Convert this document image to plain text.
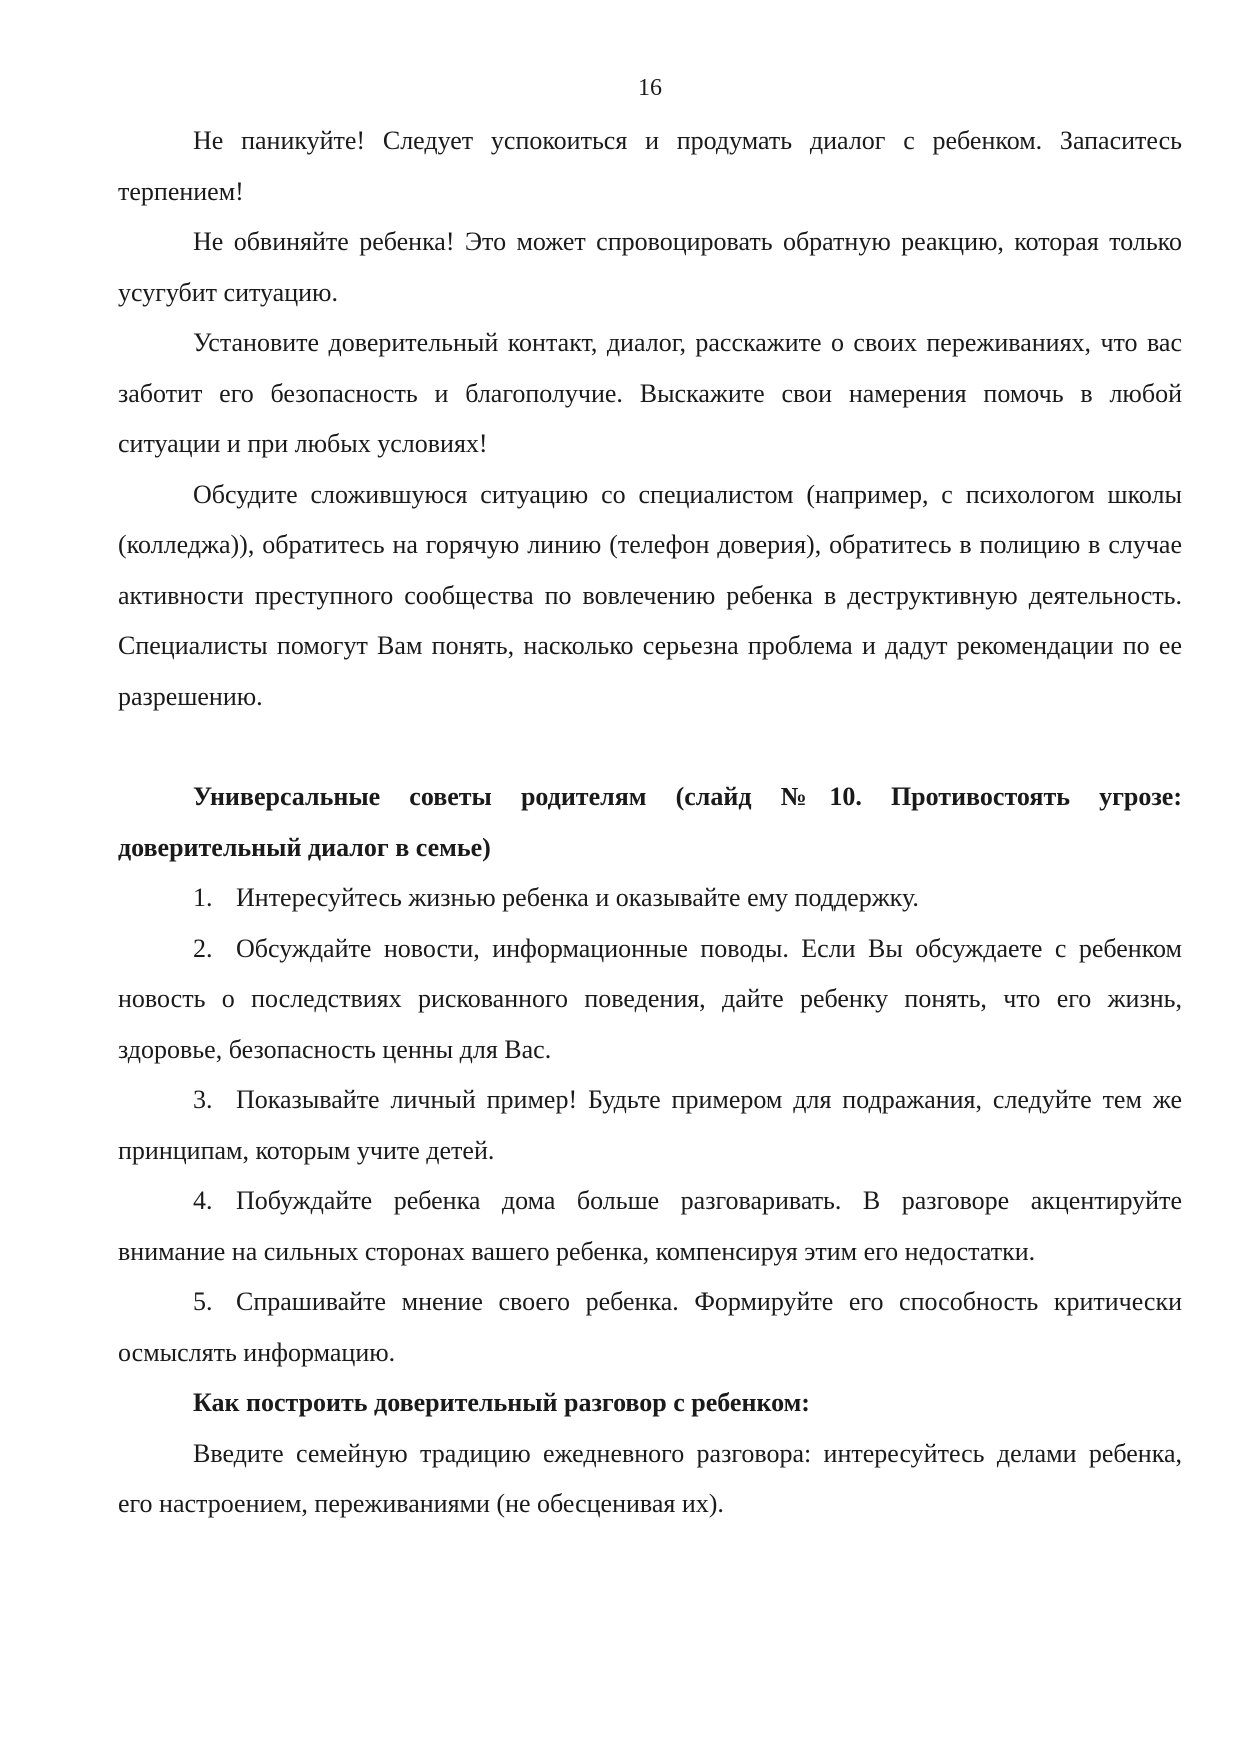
16

Не паникуйте! Следует успокоиться и продумать диалог с ребенком. Запаситесь терпением!

Не обвиняйте ребенка! Это может спровоцировать обратную реакцию, которая только усугубит ситуацию.

Установите доверительный контакт, диалог, расскажите о своих переживаниях, что вас заботит его безопасность и благополучие. Выскажите свои намерения помочь в любой ситуации и при любых условиях!

Обсудите сложившуюся ситуацию со специалистом (например, с психологом школы (колледжа)), обратитесь на горячую линию (телефон доверия), обратитесь в полицию в случае активности преступного сообщества по вовлечению ребенка в деструктивную деятельность. Специалисты помогут Вам понять, насколько серьезна проблема и дадут рекомендации по ее разрешению.

Универсальные советы родителям (слайд №10. Противостоять угрозе: доверительный диалог в семье)

1. Интересуйтесь жизнью ребенка и оказывайте ему поддержку.

2. Обсуждайте новости, информационные поводы. Если Вы обсуждаете с ребенком новость о последствиях рискованного поведения, дайте ребенку понять, что его жизнь, здоровье, безопасность ценны для Вас.

3. Показывайте личный пример! Будьте примером для подражания, следуйте тем же принципам, которым учите детей.

4. Побуждайте ребенка дома больше разговаривать. В разговоре акцентируйте внимание на сильных сторонах вашего ребенка, компенсируя этим его недостатки.

5. Спрашивайте мнение своего ребенка. Формируйте его способность критически осмыслять информацию.

Как построить доверительный разговор с ребенком:

Введите семейную традицию ежедневного разговора: интересуйтесь делами ребенка, его настроением, переживаниями (не обесценивая их).
